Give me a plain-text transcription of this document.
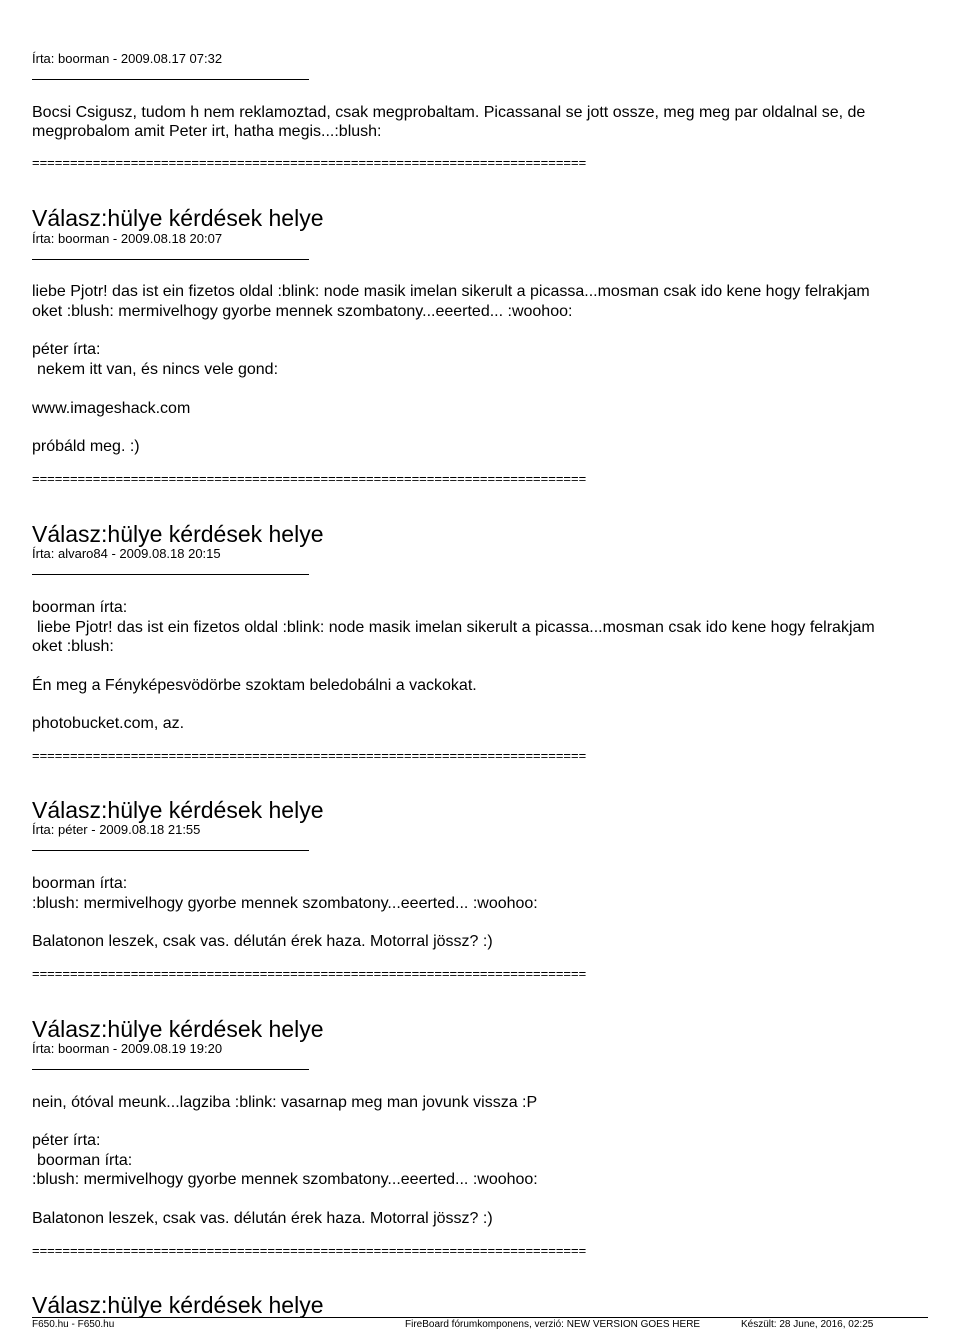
Írta: boorman - 2009.08.17 07:32
Bocsi Csigusz, tudom h nem reklamoztad, csak megprobaltam. Picassanal se jott ossze, meg meg par oldalnal se, de
megprobalom amit Peter irt, hatha megis...:blush:
=========================================================================
Válasz:hülye kérdések helye
Írta: boorman - 2009.08.18 20:07
liebe Pjotr! das ist ein fizetos oldal :blink: node masik imelan sikerult a picassa...mosman csak ido kene hogy felrakjam
oket :blush: mermivelhogy gyorbe mennek szombatony...eeerted... :woohoo:
péter írta:
nekem itt van, és nincs vele gond:
www.imageshack.com
próbáld meg. :)
=========================================================================
Válasz:hülye kérdések helye
Írta: alvaro84 - 2009.08.18 20:15
boorman írta:
liebe Pjotr! das ist ein fizetos oldal :blink: node masik imelan sikerult a picassa...mosman csak ido kene hogy felrakjam
oket :blush:
Én meg a Fényképesvödörbe szoktam beledobálni a vackokat.
photobucket.com, az.
=========================================================================
Válasz:hülye kérdések helye
Írta: péter - 2009.08.18 21:55
boorman írta:
:blush: mermivelhogy gyorbe mennek szombatony...eeerted... :woohoo:
Balatonon leszek, csak vas. délután érek haza. Motorral jössz? :)
=========================================================================
Válasz:hülye kérdések helye
Írta: boorman - 2009.08.19 19:20
nein, ótóval meunk...lagziba :blink: vasarnap meg man jovunk vissza :P
péter írta:
boorman írta:
:blush: mermivelhogy gyorbe mennek szombatony...eeerted... :woohoo:
Balatonon leszek, csak vas. délután érek haza. Motorral jössz? :)
=========================================================================
Válasz:hülye kérdések helye
F650.hu - F650.hu	FireBoard fórumkomponens, verzió: NEW VERSION GOES HERE	Készült: 28 June, 2016, 02:25
